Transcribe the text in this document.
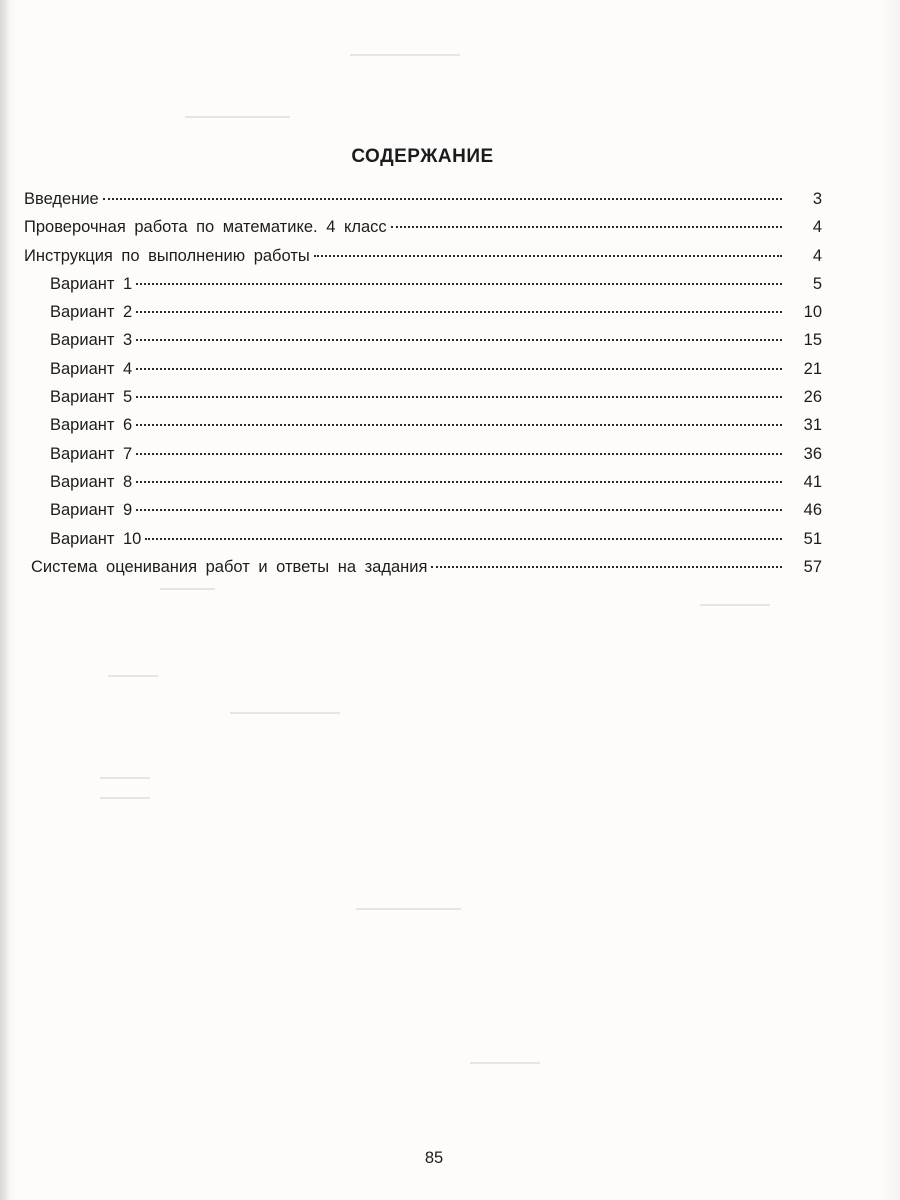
СОДЕРЖАНИЕ
Введение	3
Проверочная работа по математике. 4 класс	4
Инструкция по выполнению работы	4
Вариант 1	5
Вариант 2	10
Вариант 3	15
Вариант 4	21
Вариант 5	26
Вариант 6	31
Вариант 7	36
Вариант 8	41
Вариант 9	46
Вариант 10	51
Система оценивания работ и ответы на задания	57
85
